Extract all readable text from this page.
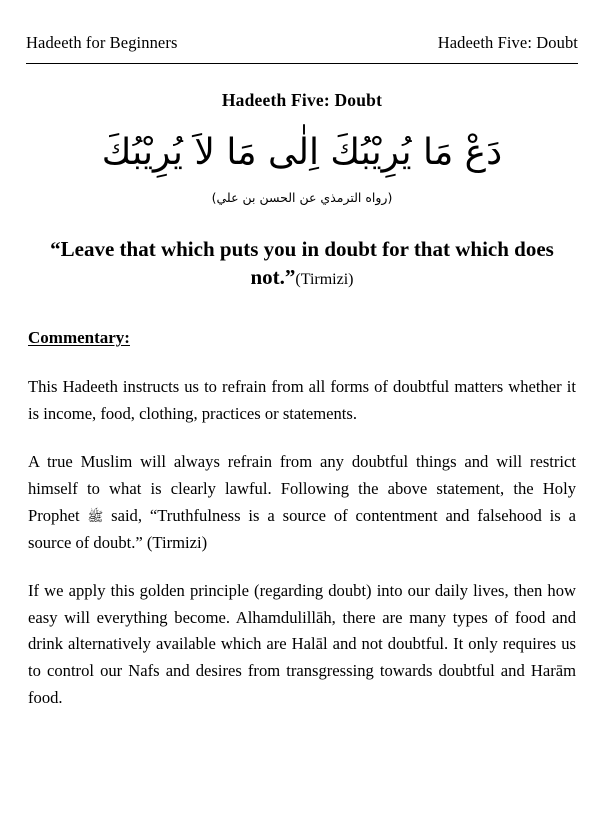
Hadeeth for Beginners	Hadeeth Five: Doubt
Hadeeth Five: Doubt
دَعْ مَا يُرِيْبُكَ اِلٰى مَا لاَ يُرِيْبُكَ
(رواه الترمذي عن الحسن بن علي)
“Leave that which puts you in doubt for that which does not.”(Tirmizi)
Commentary:

This Hadeeth instructs us to refrain from all forms of doubtful matters whether it is income, food, clothing, practices or statements.

A true Muslim will always refrain from any doubtful things and will restrict himself to what is clearly lawful. Following the above statement, the Holy Prophet ﷺ said, “Truthfulness is a source of contentment and falsehood is a source of doubt.” (Tirmizi)

If we apply this golden principle (regarding doubt) into our daily lives, then how easy will everything become. Alhamdulillāh, there are many types of food and drink alternatively available which are Halāl and not doubtful. It only requires us to control our Nafs and desires from transgressing towards doubtful and Harām food.
